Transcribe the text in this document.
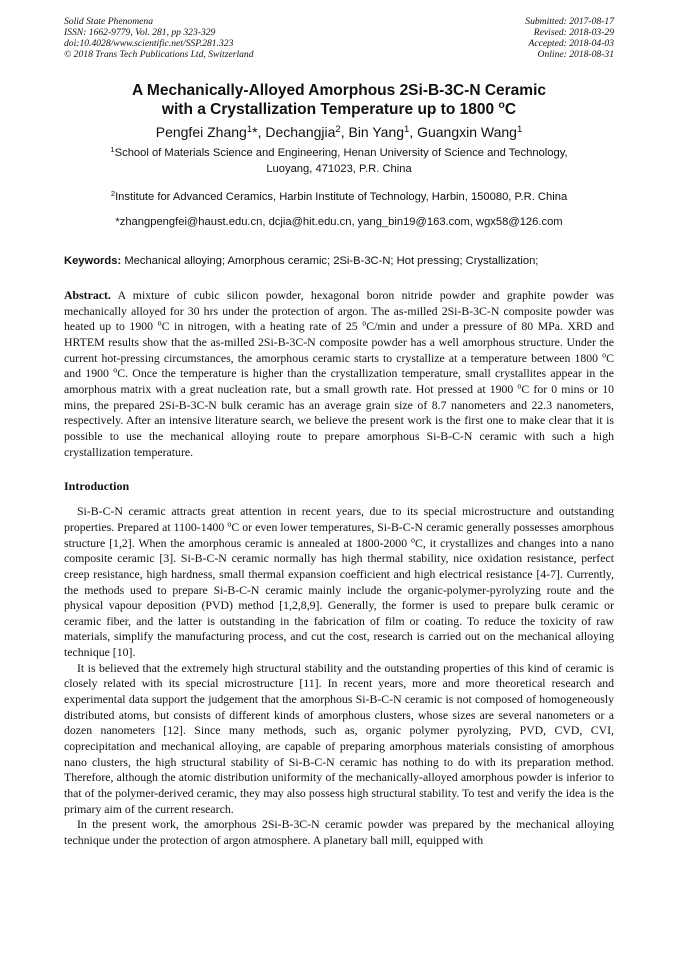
Solid State Phenomena
ISSN: 1662-9779, Vol. 281, pp 323-329
doi:10.4028/www.scientific.net/SSP.281.323
© 2018 Trans Tech Publications Ltd, Switzerland
Submitted: 2017-08-17
Revised: 2018-03-29
Accepted: 2018-04-03
Online: 2018-08-31
A Mechanically-Alloyed Amorphous 2Si-B-3C-N Ceramic
with a Crystallization Temperature up to 1800 $^o$C
Pengfei Zhang$^1$*, Dechangjia$^2$, Bin Yang$^1$, Guangxin Wang$^1$
$^1$School of Materials Science and Engineering, Henan University of Science and Technology,
Luoyang, 471023, P.R. China
$^2$Institute for Advanced Ceramics, Harbin Institute of Technology, Harbin, 150080, P.R. China
*zhangpengfei@haust.edu.cn, dcjia@hit.edu.cn, yang_bin19@163.com, wgx58@126.com
Keywords: Mechanical alloying; Amorphous ceramic; 2Si-B-3C-N; Hot pressing; Crystallization;
Abstract. A mixture of cubic silicon powder, hexagonal boron nitride powder and graphite powder was mechanically alloyed for 30 hrs under the protection of argon. The as-milled 2Si-B-3C-N composite powder was heated up to 1900 $^o$C in nitrogen, with a heating rate of 25 $^o$C/min and under a pressure of 80 MPa. XRD and HRTEM results show that the as-milled 2Si-B-3C-N composite powder has a well amorphous structure. Under the current hot-pressing circumstances, the amorphous ceramic starts to crystallize at a temperature between 1800 $^o$C and 1900 $^o$C. Once the temperature is higher than the crystallization temperature, small crystallites appear in the amorphous matrix with a great nucleation rate, but a small growth rate. Hot pressed at 1900 $^o$C for 0 mins or 10 mins, the prepared 2Si-B-3C-N bulk ceramic has an average grain size of 8.7 nanometers and 22.3 nanometers, respectively. After an intensive literature search, we believe the present work is the first one to make clear that it is possible to use the mechanical alloying route to prepare amorphous Si-B-C-N ceramic with such a high crystallization temperature.
Introduction

Si-B-C-N ceramic attracts great attention in recent years, due to its special microstructure and outstanding properties. Prepared at 1100-1400 $^o$C or even lower temperatures, Si-B-C-N ceramic generally possesses amorphous structure [1,2]. When the amorphous ceramic is annealed at 1800-2000 $^o$C, it crystallizes and changes into a nano composite ceramic [3]. Si-B-C-N ceramic normally has high thermal stability, nice oxidation resistance, perfect creep resistance, high hardness, small thermal expansion coefficient and high electrical resistance [4-7]. Currently, the methods used to prepare Si-B-C-N ceramic mainly include the organic-polymer-pyrolyzing route and the physical vapour deposition (PVD) method [1,2,8,9]. Generally, the former is used to prepare bulk ceramic or ceramic fiber, and the latter is outstanding in the fabrication of film or coating. To reduce the toxicity of raw materials, simplify the manufacturing process, and cut the cost, research is carried out on the mechanical alloying technique [10].

It is believed that the extremely high structural stability and the outstanding properties of this kind of ceramic is closely related with its special microstructure [11]. In recent years, more and more theoretical research and experimental data support the judgement that the amorphous Si-B-C-N ceramic is not composed of homogeneously distributed atoms, but consists of different kinds of amorphous clusters, whose sizes are several nanometers or a dozen nanometers [12]. Since many methods, such as, organic polymer pyrolyzing, PVD, CVD, CVI, coprecipitation and mechanical alloying, are capable of preparing amorphous materials consisting of amorphous nano clusters, the high structural stability of Si-B-C-N ceramic has nothing to do with its preparation method. Therefore, although the atomic distribution uniformity of the mechanically-alloyed amorphous powder is inferior to that of the polymer-derived ceramic, they may also possess high structural stability. To test and verify the idea is the primary aim of the current research.

In the present work, the amorphous 2Si-B-3C-N ceramic powder was prepared by the mechanical alloying technique under the protection of argon atmosphere. A planetary ball mill, equipped with
